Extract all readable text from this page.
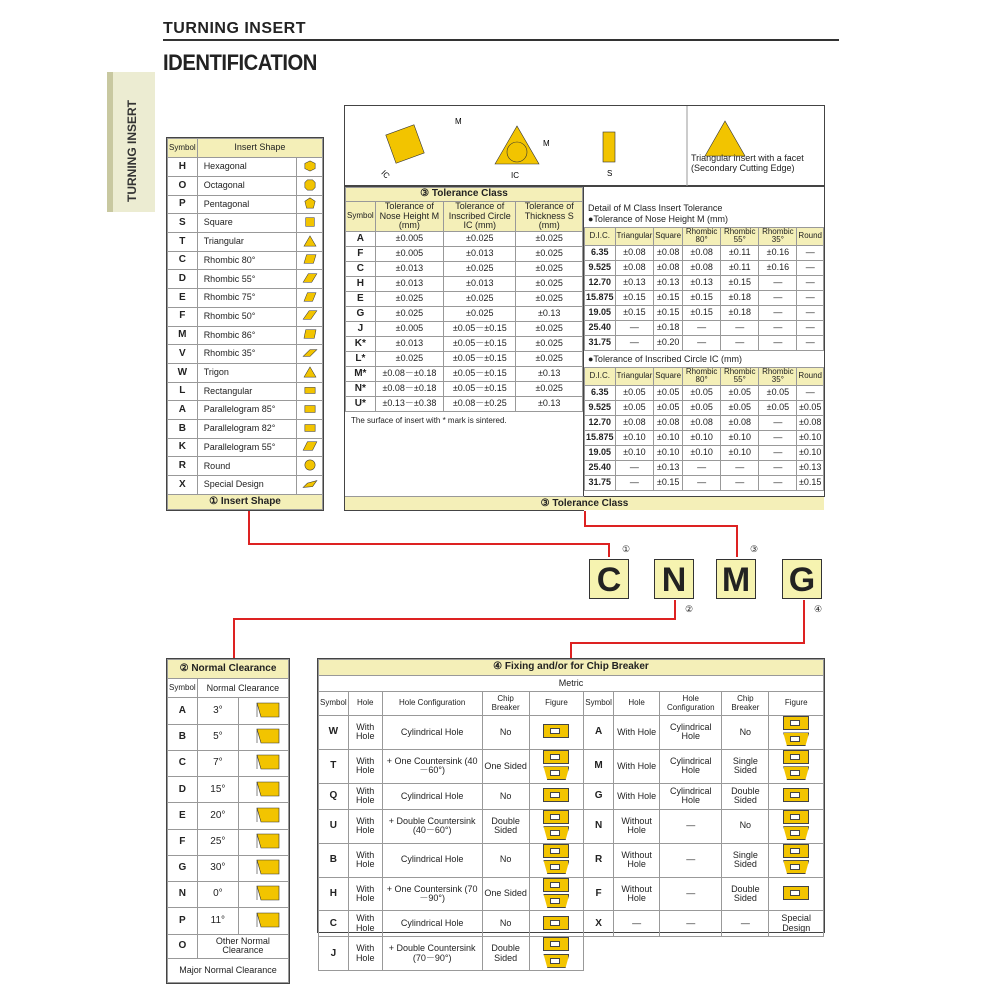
TURNING INSERT
IDENTIFICATION
TURNING INSERT	Symbol	Insert Shape	
H	Hexagonal	
O	Octagonal	
P	Pentagonal	
S	Square	
T	Triangular	
C	Rhombic 80°	
D	Rhombic 55°	
E	Rhombic 75°	
F	Rhombic 50°	
M	Rhombic 86°	
V	Rhombic 35°	
W	Trigon	
L	Rectangular	
A	Parallelogram 85°	
B	Parallelogram 82°	
K	Parallelogram 55°	
R	Round	
X	Special Design	
① Insert Shape		
M
IC
M
IC	S
Triangular insert with a facet (Secondary Cutting Edge)
③ Tolerance Class			
Symbol	Tolerance of Nose Height M (mm)	Tolerance of Inscribed Circle IC (mm)	Tolerance of Thickness S (mm)
A	±0.005	±0.025	±0.025
F	±0.005	±0.013	±0.025
C	±0.013	±0.025	±0.025
H	±0.013	±0.013	±0.025
E	±0.025	±0.025	±0.025
G	±0.025	±0.025	±0.13
J	±0.005	±0.05－±0.15	±0.025
K*	±0.013	±0.05－±0.15	±0.025
L*	±0.025	±0.05－±0.15	±0.025
M*	±0.08－±0.18	±0.05－±0.15	±0.13
N*	±0.08－±0.18	±0.05－±0.15	±0.025
U*	±0.13－±0.38	±0.08－±0.25	±0.13
The surface of insert with * mark is sintered.
③ Tolerance Class
Detail of M Class Insert Tolerance
●Tolerance of Nose Height M (mm)
D.I.C.	Triangular	Square	Rhombic 80°	Rhombic 55°	Rhombic 35°	Round
6.35	±0.08	±0.08	±0.08	±0.11	±0.16	—
9.525	±0.08	±0.08	±0.08	±0.11	±0.16	—
12.70	±0.13	±0.13	±0.13	±0.15	—	—
15.875	±0.15	±0.15	±0.15	±0.18	—	—
19.05	±0.15	±0.15	±0.15	±0.18	—	—
25.40	—	±0.18	—	—	—	—
31.75	—	±0.20	—	—	—	—
●Tolerance of Inscribed Circle IC (mm)
D.I.C.	Triangular	Square	Rhombic 80°	Rhombic 55°	Rhombic 35°	Round
6.35	±0.05	±0.05	±0.05	±0.05	±0.05	—
9.525	±0.05	±0.05	±0.05	±0.05	±0.05	±0.05
12.70	±0.08	±0.08	±0.08	±0.08	—	±0.08
15.875	±0.10	±0.10	±0.10	±0.10	—	±0.10
19.05	±0.10	±0.10	±0.10	±0.10	—	±0.10
25.40	—	±0.13	—	—	—	±0.13
31.75	—	±0.15	—	—	—	±0.15
C N M G
①
②
③
④
② Normal Clearance		
Symbol	Normal Clearance	
A	3°	
B	5°	
C	7°	
D	15°	
E	20°	
F	25°	
G	30°	
N	0°	
P	11°	
O	Other Normal Clearance	
Major Normal Clearance		
④ Fixing and/or for Chip Breaker									
Metric									
Symbol	Hole	Hole Configuration	Chip Breaker	Figure	Symbol	Hole	Hole Configuration	Chip Breaker	Figure
W	With Hole	Cylindrical Hole	No		A	With Hole	Cylindrical Hole	No	

T	With Hole	+ One Countersink (40－60°)	One Sided		M	With Hole	Cylindrical Hole	Single Sided	

Q	With Hole	Cylindrical Hole	No		G	With Hole	Cylindrical Hole	Double Sided	

U	With Hole	+ Double Countersink (40－60°)	Double Sided		N	Without Hole	—	No	

B	With Hole	Cylindrical Hole	No		R	Without Hole	—	Single Sided	

H	With Hole	+ One Countersink (70－90°)	One Sided		F	Without Hole	—	Double Sided	

C	With Hole	Cylindrical Hole	No		X	—	—	—	Special Design
J	With Hole	+ Double Countersink (70－90°)	Double Sided					
